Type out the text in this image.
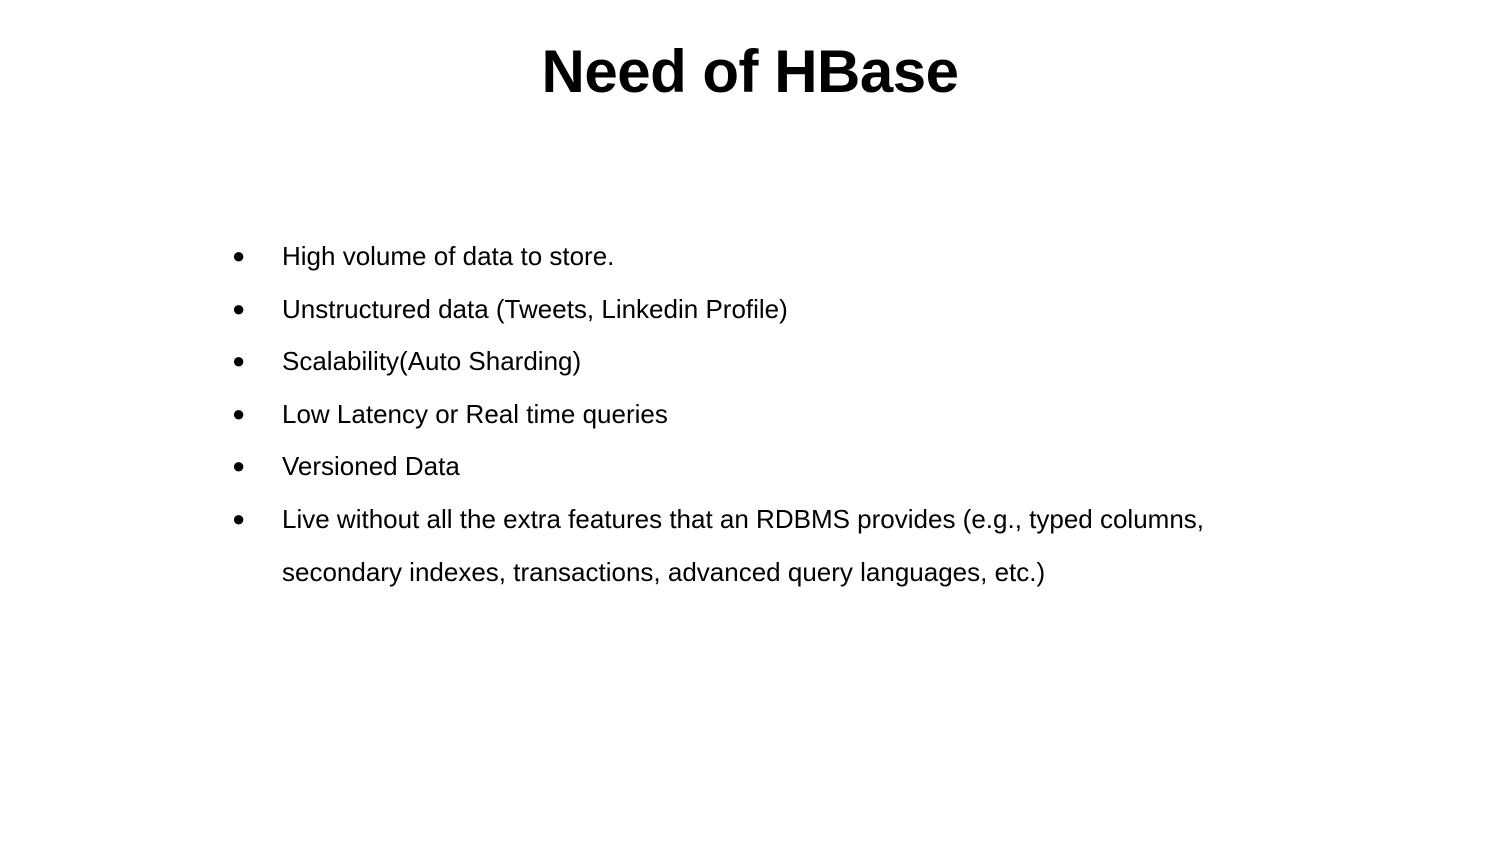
Need of HBase
● High volume of data to store.
● Unstructured data (Tweets, Linkedin Profile)
● Scalability(Auto Sharding)
● Low Latency or Real time queries
● Versioned Data
● Live without all the extra features that an RDBMS provides (e.g., typed columns, secondary indexes, transactions, advanced query languages, etc.)
